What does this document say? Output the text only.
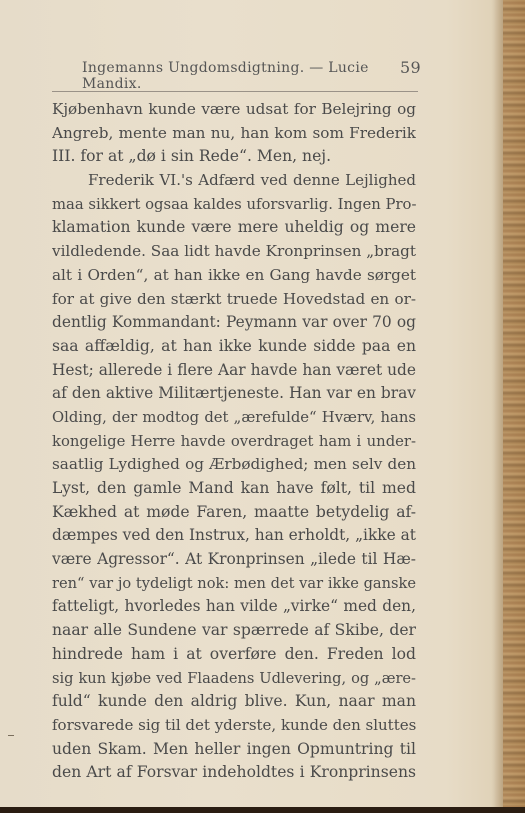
Ingemanns Ungdomsdigtning. — Lucie Mandix.
59
Kjøbenhavn kunde være udsat for Belejring og
Angreb, mente man nu, han kom som Frederik
III. for at „dø i sin Rede“. Men, nej.
Frederik VI.'s Adfærd ved denne Lejlighed
maa sikkert ogsaa kaldes uforsvarlig. Ingen Pro-
klamation kunde være mere uheldig og mere
vildledende. Saa lidt havde Kronprinsen „bragt
alt i Orden“, at han ikke en Gang havde sørget
for at give den stærkt truede Hovedstad en or-
dentlig Kommandant: Peymann var over 70 og
saa affældig, at han ikke kunde sidde paa en
Hest; allerede i flere Aar havde han været ude
af den aktive Militærtjeneste. Han var en brav
Olding, der modtog det „ærefulde“ Hværv, hans
kongelige Herre havde overdraget ham i under-
saatlig Lydighed og Ærbødighed; men selv den
Lyst, den gamle Mand kan have følt, til med
Kækhed at møde Faren, maatte betydelig af-
dæmpes ved den Instrux, han erholdt, „ikke at
være Agressor“. At Kronprinsen „ilede til Hæ-
ren“ var jo tydeligt nok: men det var ikke ganske
fatteligt, hvorledes han vilde „virke“ med den,
naar alle Sundene var spærrede af Skibe, der
hindrede ham i at overføre den. Freden lod
sig kun kjøbe ved Flaadens Udlevering, og „ære-
fuld“ kunde den aldrig blive. Kun, naar man
forsvarede sig til det yderste, kunde den sluttes
uden Skam. Men heller ingen Opmuntring til
den Art af Forsvar indeholdtes i Kronprinsens
